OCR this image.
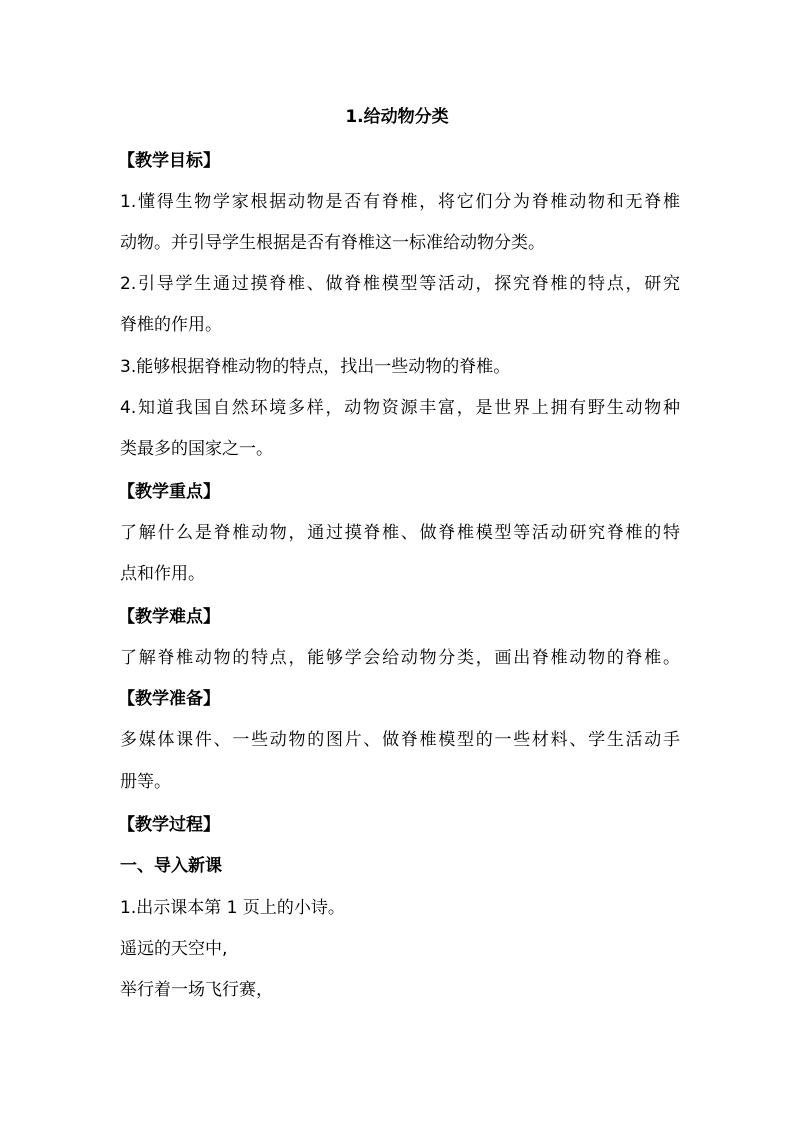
1.给动物分类
【教学目标】
1.懂得生物学家根据动物是否有脊椎，将它们分为脊椎动物和无脊椎
动物。并引导学生根据是否有脊椎这一标准给动物分类。
2.引导学生通过摸脊椎、做脊椎模型等活动，探究脊椎的特点，研究
脊椎的作用。
3.能够根据脊椎动物的特点，找出一些动物的脊椎。
4.知道我国自然环境多样，动物资源丰富，是世界上拥有野生动物种
类最多的国家之一。
【教学重点】
了解什么是脊椎动物，通过摸脊椎、做脊椎模型等活动研究脊椎的特
点和作用。
【教学难点】
了解脊椎动物的特点，能够学会给动物分类，画出脊椎动物的脊椎。
【教学准备】
多媒体课件、一些动物的图片、做脊椎模型的一些材料、学生活动手
册等。
【教学过程】
一、导入新课
1.出示课本第 1 页上的小诗。
遥远的天空中,
举行着一场飞行赛，
